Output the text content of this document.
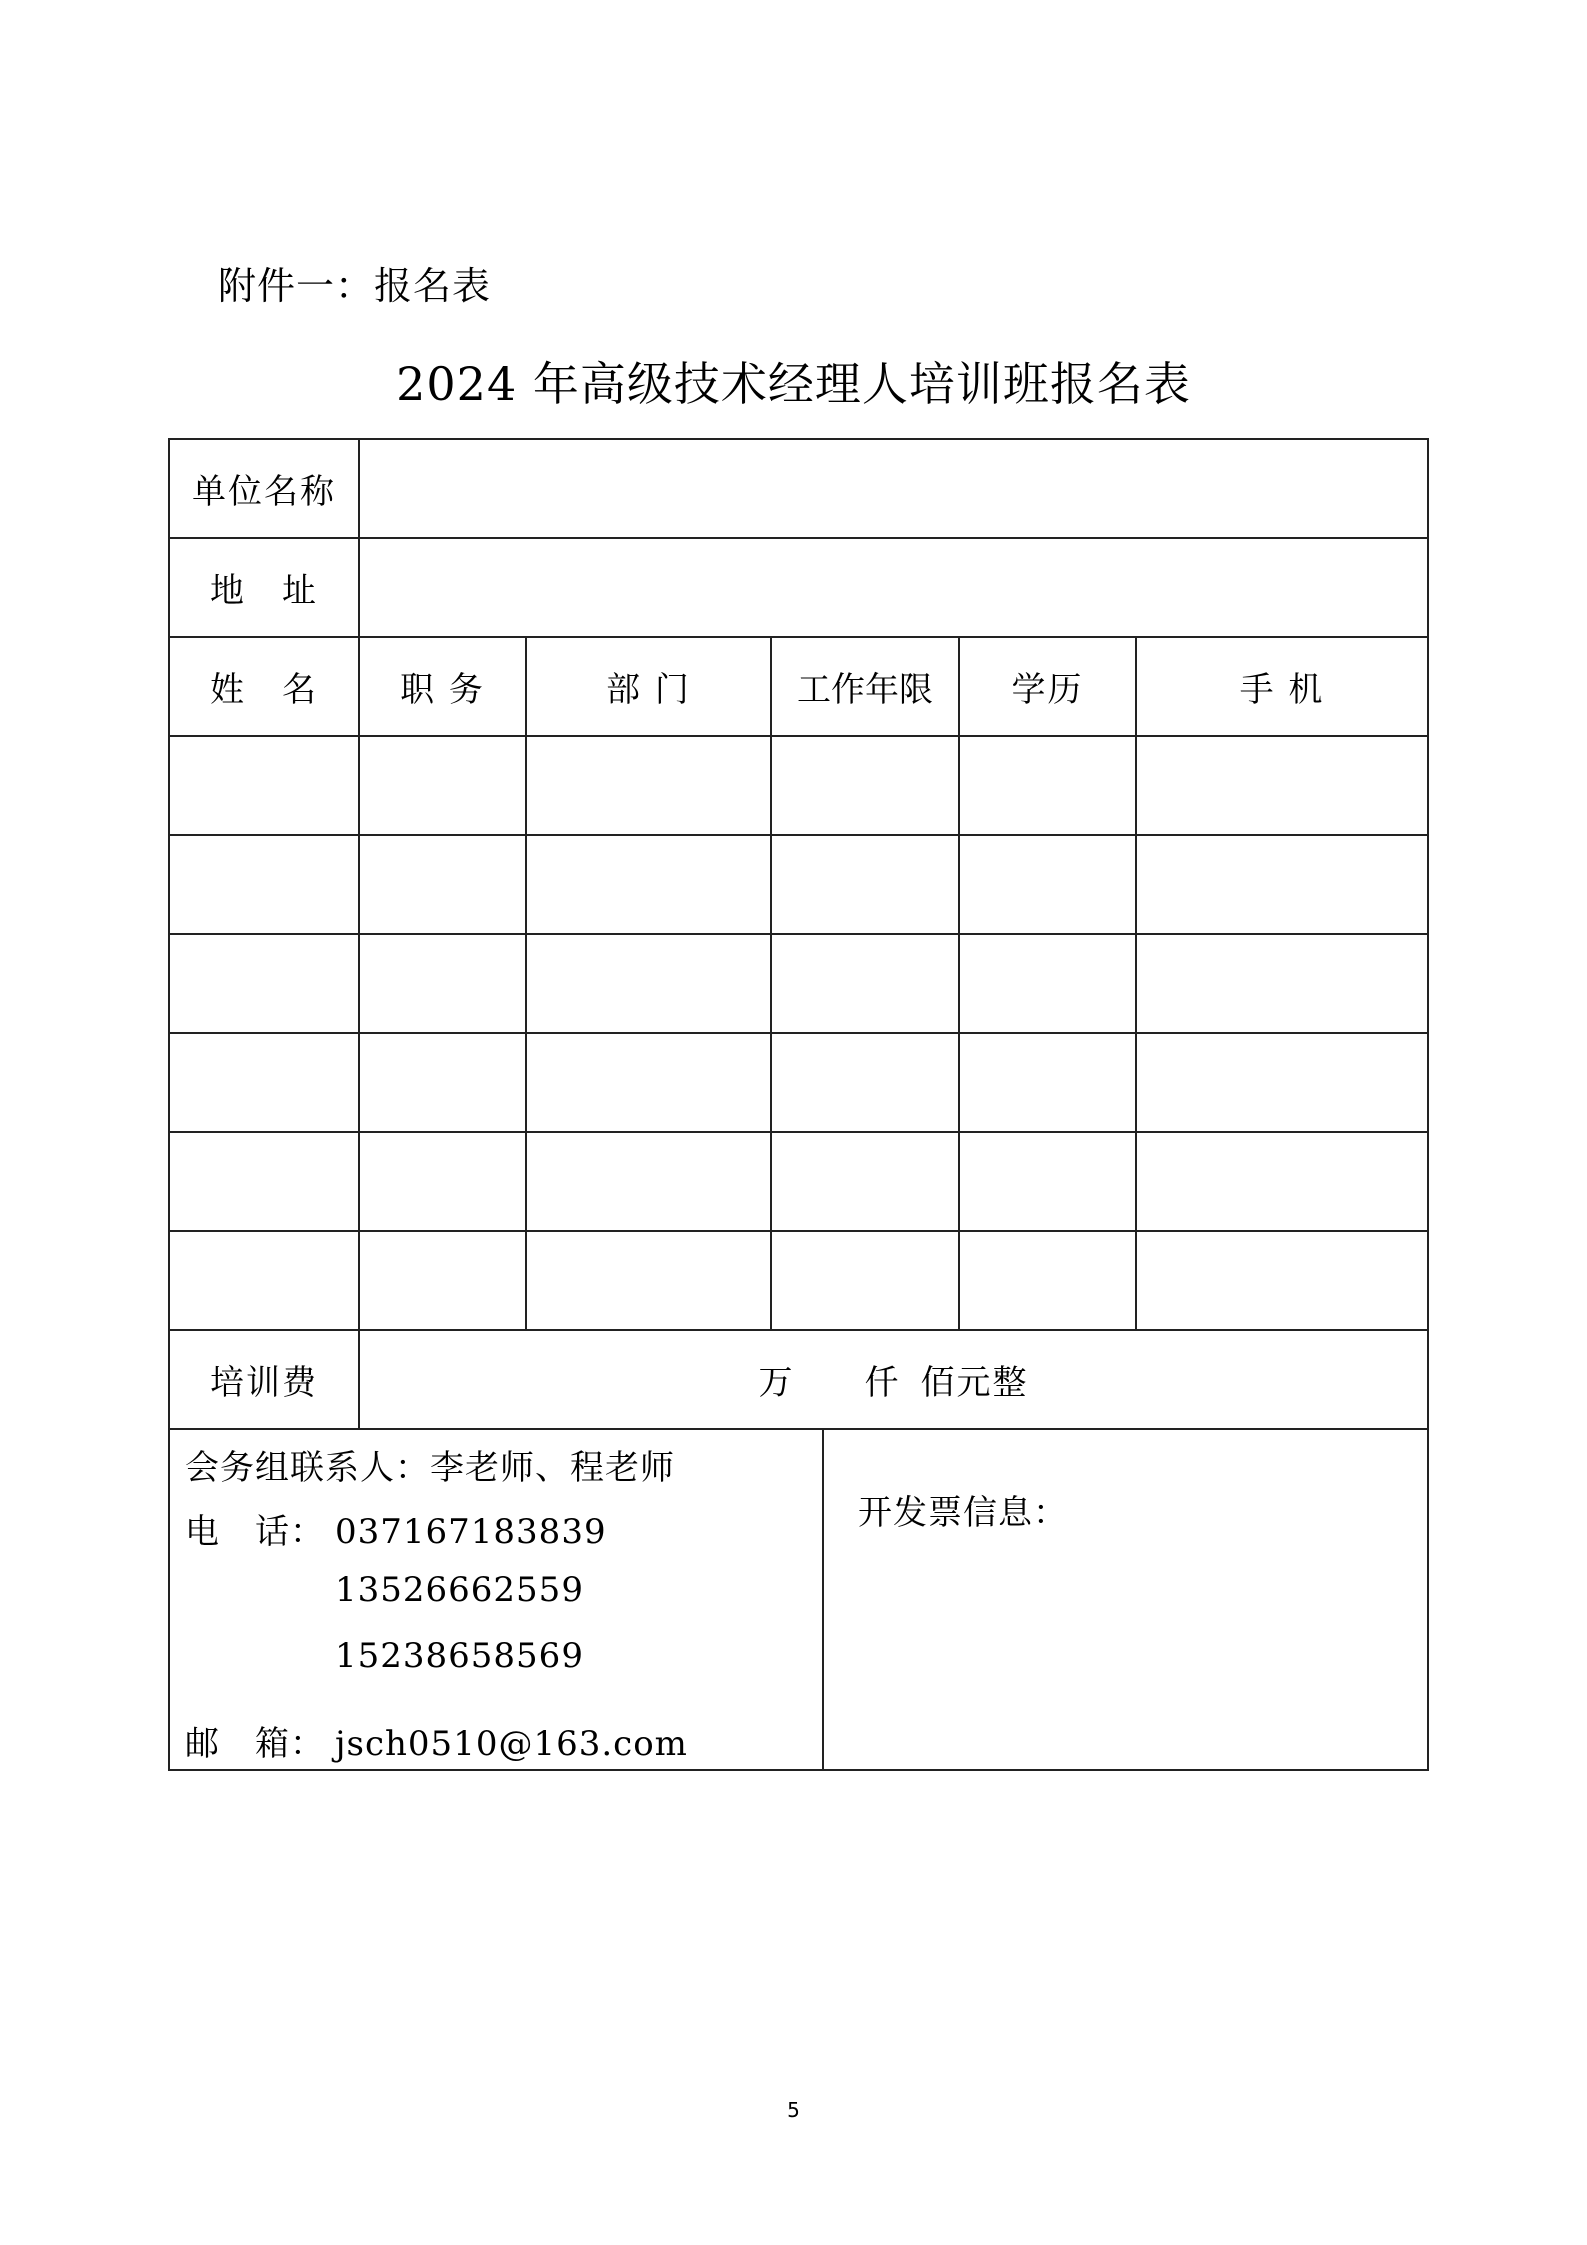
附件一：报名表
2024 年高级技术经理人培训班报名表
单位名称
地　址
姓　名	职 务	部 门	工作年限	学历	手 机
培训费	万 仟 佰元整
会务组联系人：李老师、程老师
电　话： 037167183839
13526662559
15238658569
邮　箱： jsch0510@163.com
开发票信息：
5
